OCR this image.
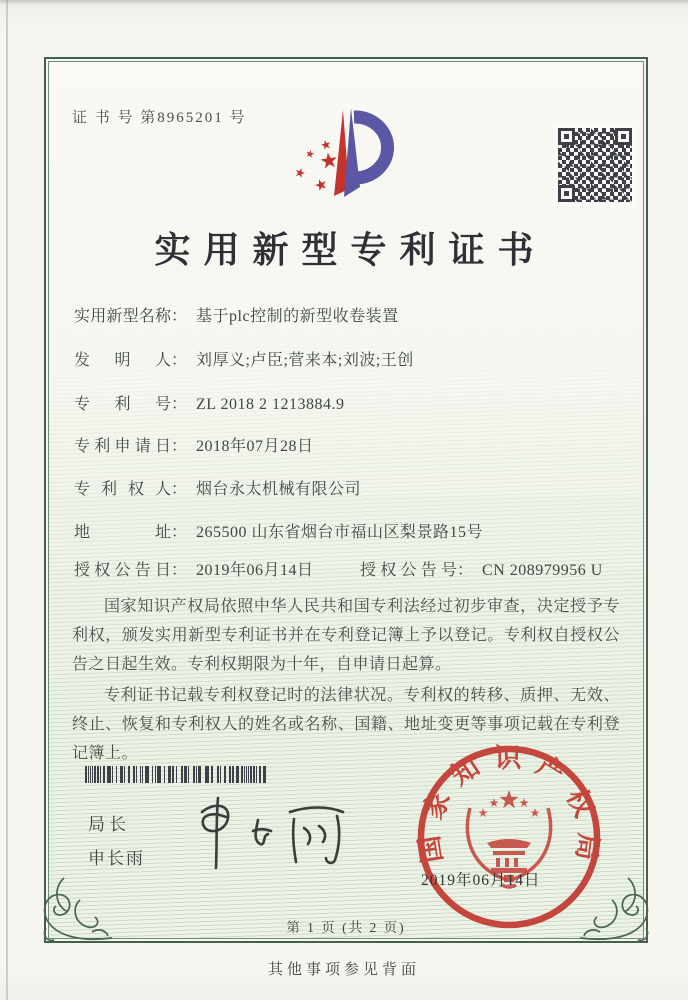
证 书 号 第8965201 号
实用新型专利证书
实用新型名称： 基于plc控制的新型收卷装置
发明人： 刘厚义;卢臣;菅来本;刘波;王创
专利号： ZL 2018 2 1213884.9
专利申请日： 2018年07月28日
专利权人： 烟台永太机械有限公司
地址： 265500 山东省烟台市福山区梨景路15号
授权公告日： 2019年06月14日	授权公告号： CN 208979956 U

国家知识产权局依照中华人民共和国专利法经过初步审查，决定授予专利权，颁发实用新型专利证书并在专利登记簿上予以登记。专利权自授权公告之日起生效。专利权期限为十年，自申请日起算。

专利证书记载专利权登记时的法律状况。专利权的转移、质押、无效、终止、恢复和专利权人的姓名或名称、国籍、地址变更等事项记载在专利登记簿上。

局长
申长雨	国家知识产权局
2019年06月14日
第 1 页 (共 2 页)
其他事项参见背面
